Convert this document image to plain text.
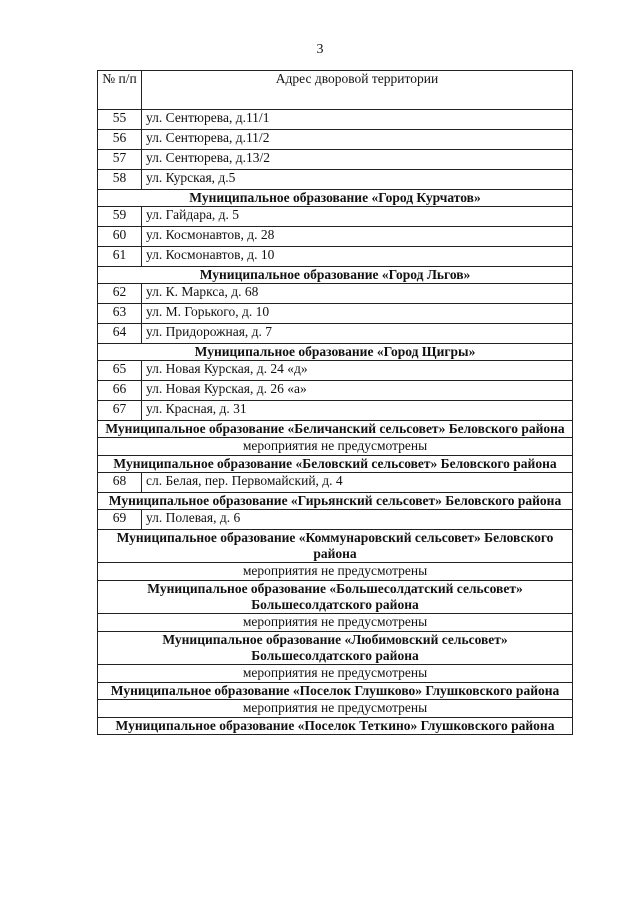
3
№ п/п	Адрес дворовой территории
55	ул. Сентюрева, д.11/1
56	ул. Сентюрева, д.11/2
57	ул. Сентюрева, д.13/2
58	ул. Курская, д.5
Муниципальное образование «Город Курчатов»	
59	ул. Гайдара, д. 5
60	ул. Космонавтов, д. 28
61	ул. Космонавтов, д. 10
Муниципальное образование «Город Льгов»	
62	ул. К. Маркса, д. 68
63	ул. М. Горького, д. 10
64	ул. Придорожная, д. 7
Муниципальное образование «Город Щигры»	
65	ул. Новая Курская, д. 24 «д»
66	ул. Новая Курская, д. 26 «а»
67	ул. Красная, д. 31
Муниципальное образование «Беличанский сельсовет» Беловского района	
мероприятия не предусмотрены	
Муниципальное образование «Беловский сельсовет» Беловского района	
68	сл. Белая, пер. Первомайский, д. 4
Муниципальное образование «Гирьянский сельсовет» Беловского района	
69	ул. Полевая, д. 6
Муниципальное образование «Коммунаровский сельсовет» Беловского района	
мероприятия не предусмотрены	
Муниципальное образование «Большесолдатский сельсовет» Большесолдатского района	
мероприятия не предусмотрены	
Муниципальное образование «Любимовский сельсовет» Большесолдатского района	
мероприятия не предусмотрены	
Муниципальное образование «Поселок Глушково» Глушковского района	
мероприятия не предусмотрены	
Муниципальное образование «Поселок Теткино» Глушковского района	
